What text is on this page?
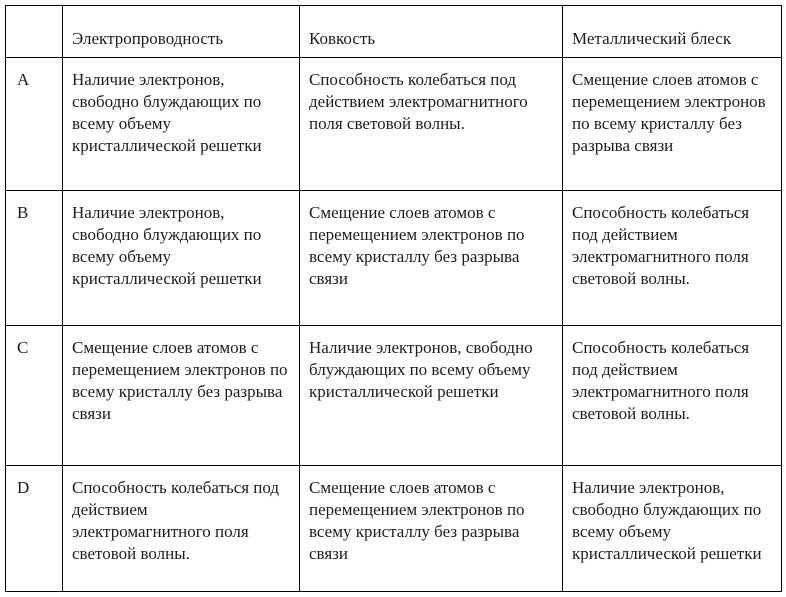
	Электропроводность	Ковкость	Металлический блеск
A	Наличие электронов, свободно блуждающих по всему объему кристаллической решетки	Способность колебаться под действием электромагнитного поля световой волны.	Смещение слоев атомов с перемещением электронов по всему кристаллу без разрыва связи
B	Наличие электронов, свободно блуждающих по всему объему кристаллической решетки	Смещение слоев атомов с перемещением электронов по всему кристаллу без разрыва связи	Способность колебаться под действием электромагнитного поля световой волны.
C	Смещение слоев атомов с перемещением электронов по всему кристаллу без разрыва связи	Наличие электронов, свободно блуждающих по всему объему кристаллической решетки	Способность колебаться под действием электромагнитного поля световой волны.
D	Способность колебаться под действием электромагнитного поля световой волны.	Смещение слоев атомов с перемещением электронов по всему кристаллу без разрыва связи	Наличие электронов, свободно блуждающих по всему объему кристаллической решетки
